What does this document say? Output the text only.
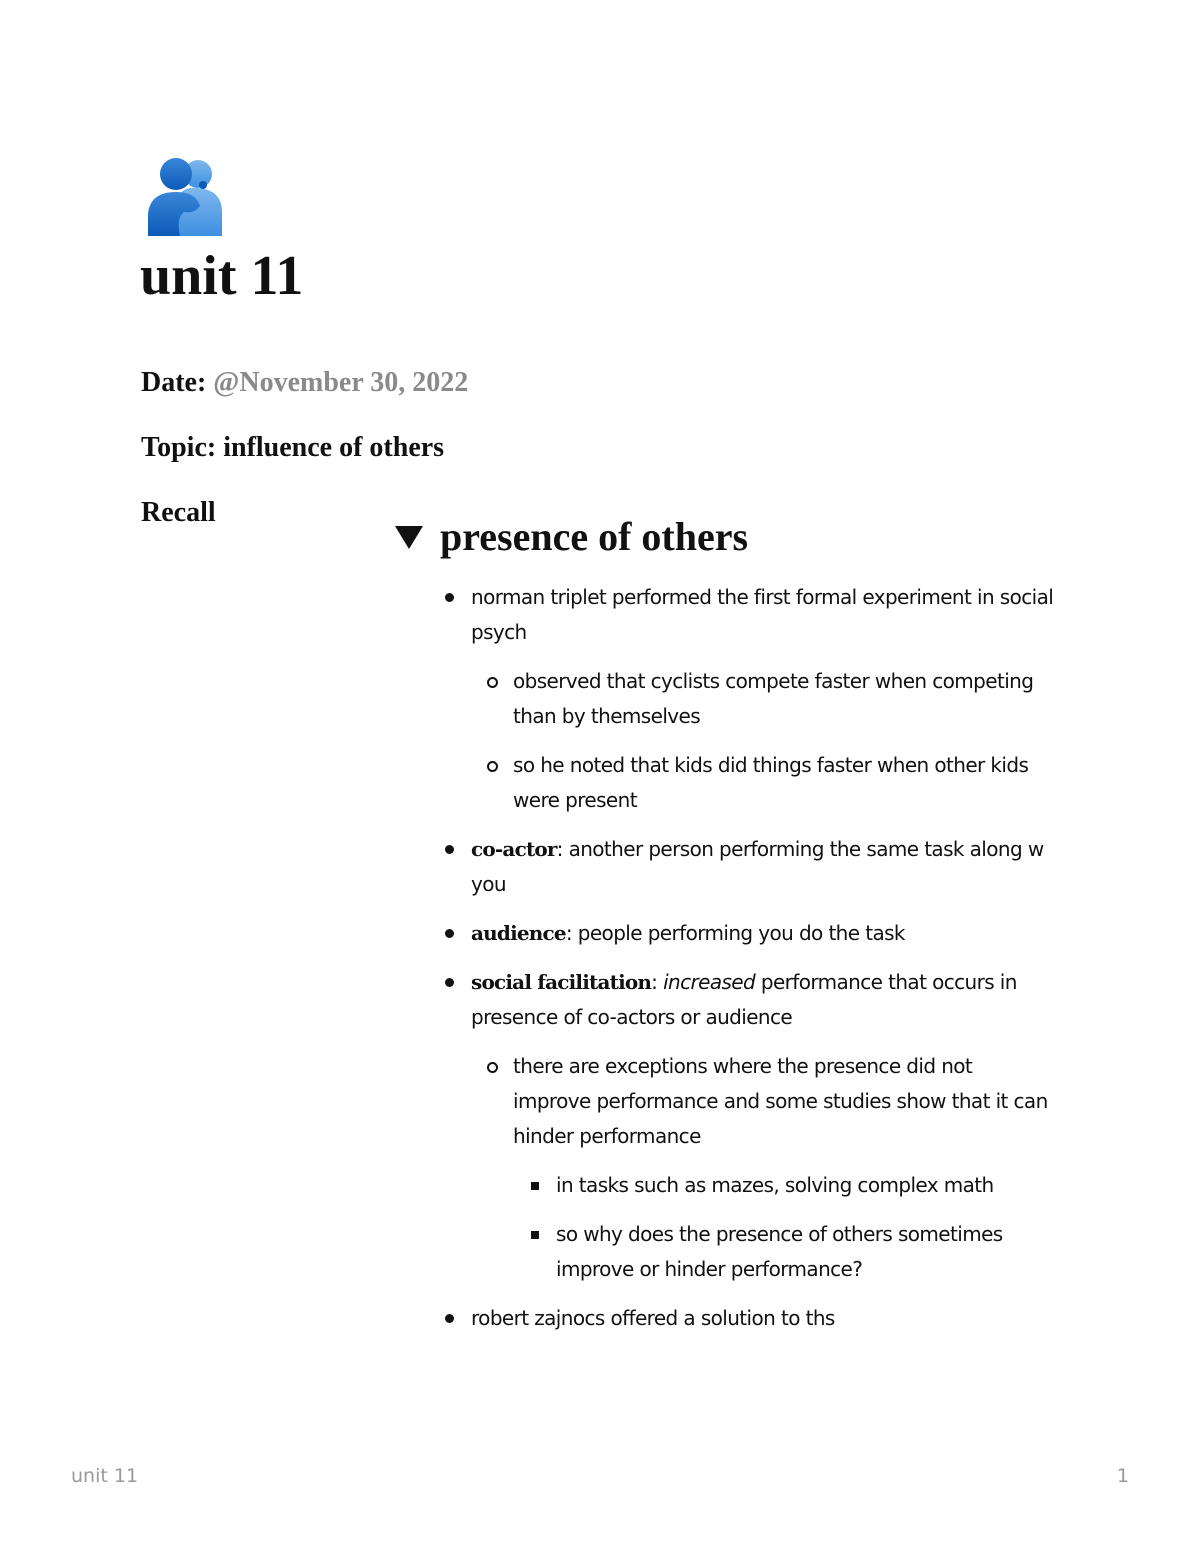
unit 11
Date: @November 30, 2022
Topic: influence of others
Recall
presence of others
norman triplet performed the first formal experiment in social psych
observed that cyclists compete faster when competing than by themselves
so he noted that kids did things faster when other kids were present
co-actor: another person performing the same task along w you
audience: people performing you do the task
social facilitation: increased performance that occurs in presence of co-actors or audience
there are exceptions where the presence did not improve performance and some studies show that it can hinder performance
in tasks such as mazes, solving complex math
so why does the presence of others sometimes improve or hinder performance?
robert zajnocs offered a solution to ths
unit 11	1
